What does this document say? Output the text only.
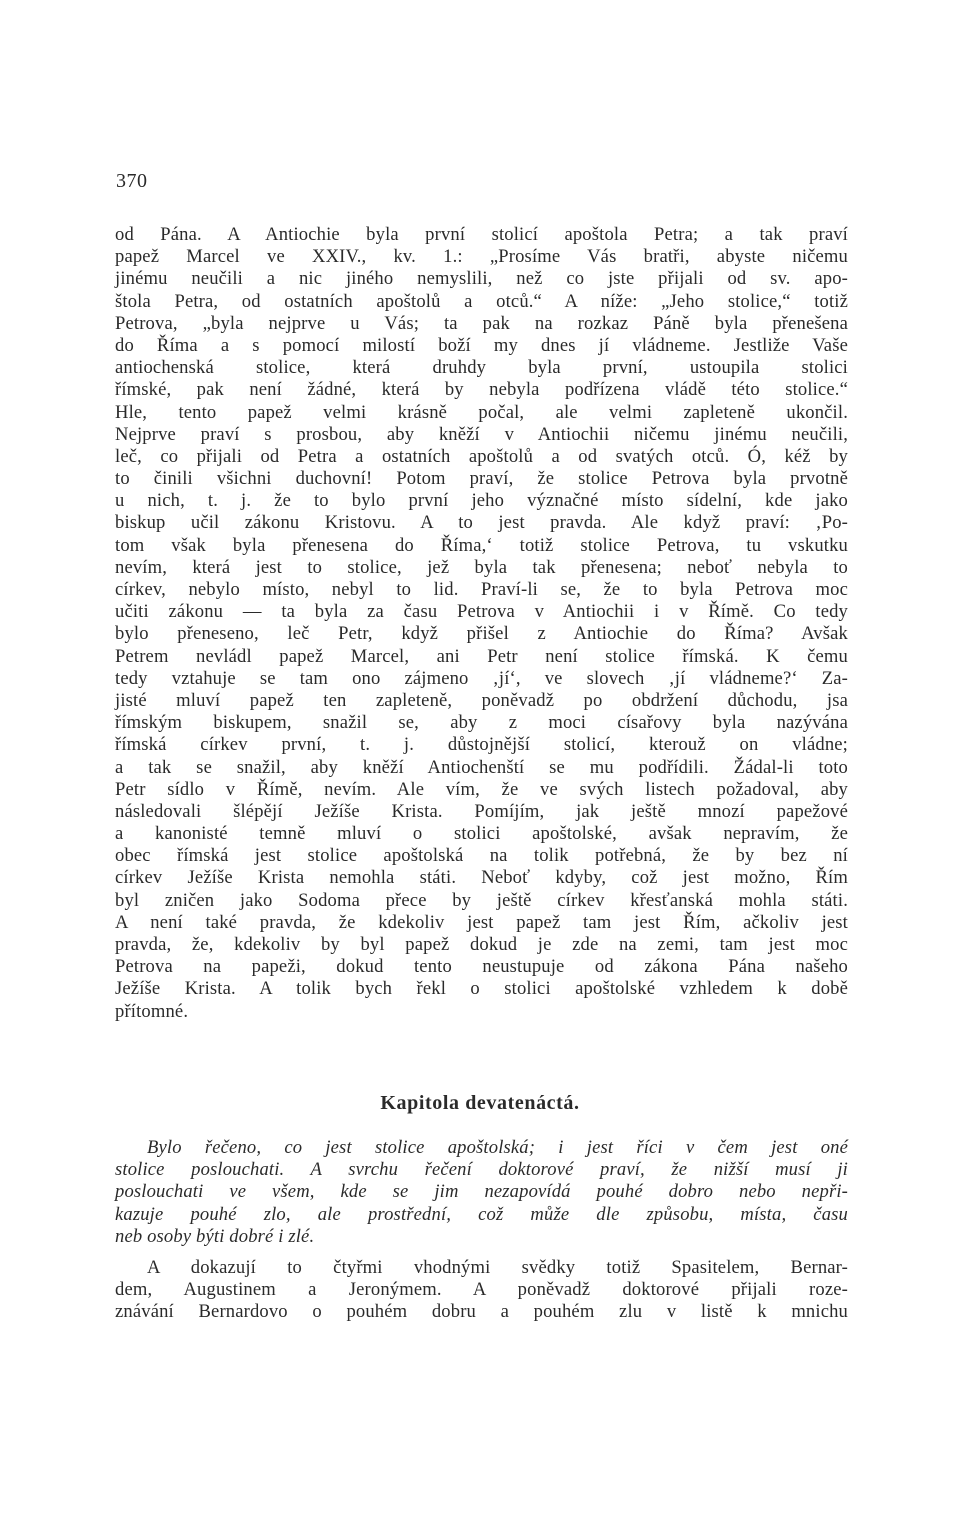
370
od Pána. A Antiochie byla první stolicí apoštola Petra; a tak praví
papež Marcel ve XXIV., kv. 1.: „Prosíme Vás bratři, abyste ničemu
jinému neučili a nic jiného nemyslili, než co jste přijali od sv. apo-
štola Petra, od ostatních apoštolů a otců.“ A níže: „Jeho stolice,“ totiž
Petrova, „byla nejprve u Vás; ta pak na rozkaz Páně byla přenešena
do Říma a s pomocí milostí boží my dnes jí vládneme. Jestliže Vaše
antiochenská stolice, která druhdy byla první, ustoupila stolici
římské, pak není žádné, která by nebyla podřízena vládě této stolice.“
Hle, tento papež velmi krásně počal, ale velmi zapleteně ukončil.
Nejprve praví s prosbou, aby kněží v Antiochii ničemu jinému neučili,
leč, co přijali od Petra a ostatních apoštolů a od svatých otců. Ó, kéž by
to činili všichni duchovní! Potom praví, že stolice Petrova byla prvotně
u nich, t. j. že to bylo první jeho význačné místo sídelní, kde jako
biskup učil zákonu Kristovu. A to jest pravda. Ale když praví: ‚Po-
tom však byla přenesena do Říma,‘ totiž stolice Petrova, tu vskutku
nevím, která jest to stolice, jež byla tak přenesena; neboť nebyla to
církev, nebylo místo, nebyl to lid. Praví-li se, že to byla Petrova moc
učiti zákonu — ta byla za času Petrova v Antiochii i v Římě. Co tedy
bylo přeneseno, leč Petr, když přišel z Antiochie do Říma? Avšak
Petrem nevládl papež Marcel, ani Petr není stolice římská. K čemu
tedy vztahuje se tam ono zájmeno ‚jí‘, ve slovech ‚jí vládneme?‘ Za-
jisté mluví papež ten zapleteně, poněvadž po obdržení důchodu, jsa
římským biskupem, snažil se, aby z moci císařovy byla nazývána
římská církev první, t. j. důstojnější stolicí, kterouž on vládne;
a tak se snažil, aby kněží Antiochenští se mu podřídili. Žádal-li toto
Petr sídlo v Římě, nevím. Ale vím, že ve svých listech požadoval, aby
následovali šlépějí Ježíše Krista. Pomíjím, jak ještě mnozí papežové
a kanonisté temně mluví o stolici apoštolské, avšak nepravím, že
obec římská jest stolice apoštolská na tolik potřebná, že by bez ní
církev Ježíše Krista nemohla státi. Neboť kdyby, což jest možno, Řím
byl zničen jako Sodoma přece by ještě církev křesťanská mohla státi.
A není také pravda, že kdekoliv jest papež tam jest Řím, ačkoliv jest
pravda, že, kdekoliv by byl papež dokud je zde na zemi, tam jest moc
Petrova na papeži, dokud tento neustupuje od zákona Pána našeho
Ježíše Krista. A tolik bych řekl o stolici apoštolské vzhledem k době
přítomné.
Kapitola devatenáctá.
Bylo řečeno, co jest stolice apoštolská; i jest říci v čem jest oné
stolice poslouchati. A svrchu řečení doktorové praví, že nižší musí ji
poslouchati ve všem, kde se jim nezapovídá pouhé dobro nebo nepři-
kazuje pouhé zlo, ale prostřední, což může dle způsobu, místa, času
neb osoby býti dobré i zlé.
A dokazují to čtyřmi vhodnými svědky totiž Spasitelem, Bernar-
dem, Augustinem a Jeronýmem. A poněvadž doktorové přijali roze-
znávání Bernardovo o pouhém dobru a pouhém zlu v listě k mnichu
